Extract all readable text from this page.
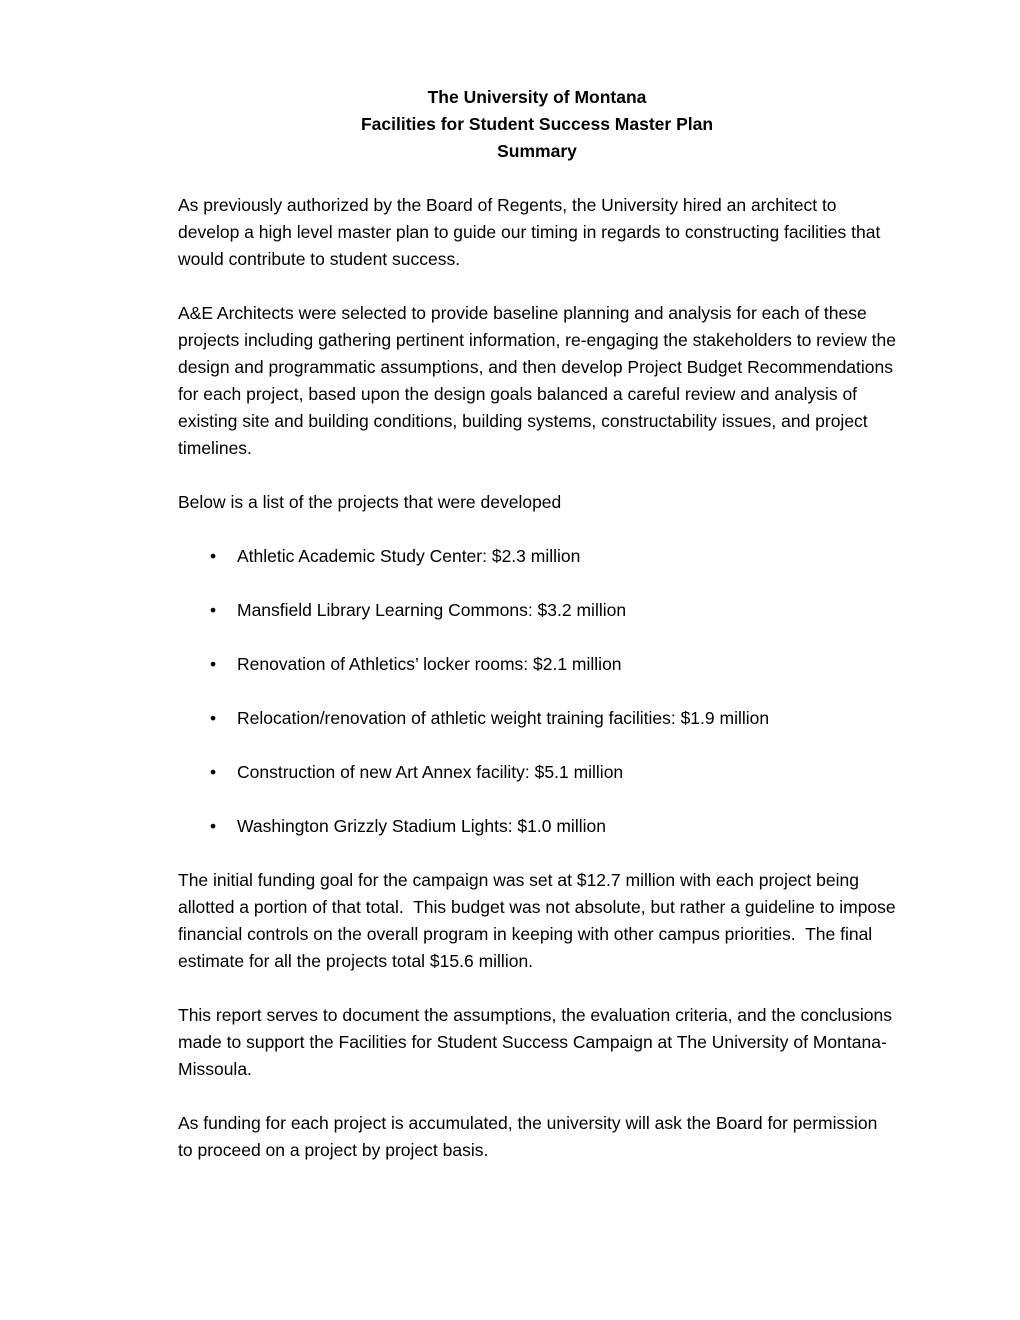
The University of Montana
Facilities for Student Success Master Plan
Summary

As previously authorized by the Board of Regents, the University hired an architect to develop a high level master plan to guide our timing in regards to constructing facilities that would contribute to student success.

A&E Architects were selected to provide baseline planning and analysis for each of these projects including gathering pertinent information, re-engaging the stakeholders to review the design and programmatic assumptions, and then develop Project Budget Recommendations for each project, based upon the design goals balanced a careful review and analysis of existing site and building conditions, building systems, constructability issues, and project timelines.

Below is a list of the projects that were developed

• Athletic Academic Study Center: $2.3 million
• Mansfield Library Learning Commons: $3.2 million
• Renovation of Athletics’ locker rooms: $2.1 million
• Relocation/renovation of athletic weight training facilities: $1.9 million
• Construction of new Art Annex facility: $5.1 million
• Washington Grizzly Stadium Lights: $1.0 million

The initial funding goal for the campaign was set at $12.7 million with each project being allotted a portion of that total.  This budget was not absolute, but rather a guideline to impose financial controls on the overall program in keeping with other campus priorities.  The final estimate for all the projects total $15.6 million.

This report serves to document the assumptions, the evaluation criteria, and the conclusions made to support the Facilities for Student Success Campaign at The University of Montana-Missoula.

As funding for each project is accumulated, the university will ask the Board for permission to proceed on a project by project basis.
